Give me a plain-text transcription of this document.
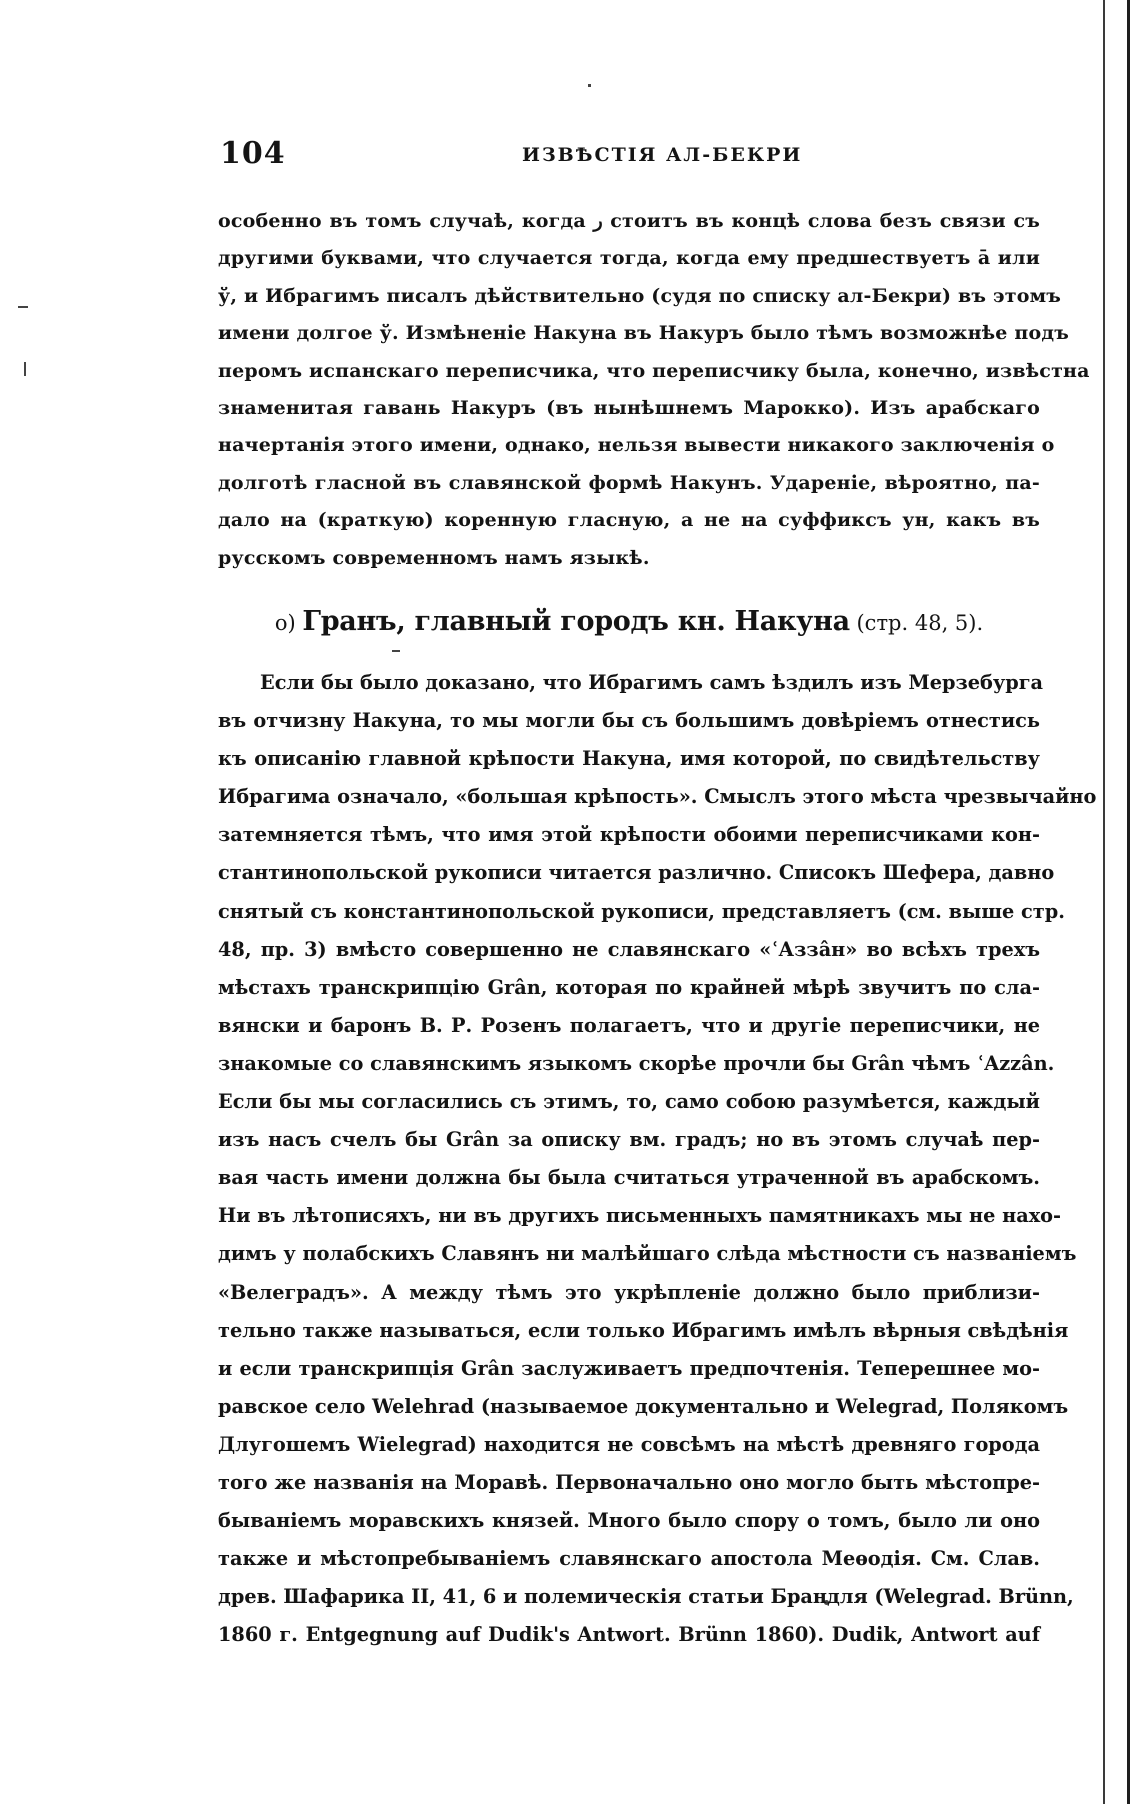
104	ИЗВѢСТІЯ АЛ-БЕКРИ
особенно въ томъ случаѣ, когда ﺭ стоитъ въ концѣ слова безъ связи съ
другими буквами, что случается тогда, когда ему предшествуетъ ā или
ў, и Ибрагимъ писалъ дѣйствительно (судя по списку ал-Бекри) въ этомъ
имени долгое ў. Измѣненіе Накуна въ Накуръ было тѣмъ возможнѣе подъ
перомъ испанскаго переписчика, что переписчику была, конечно, извѣстна
знаменитая гавань Накуръ (въ нынѣшнемъ Марокко). Изъ арабскаго
начертанія этого имени, однако, нельзя вывести никакого заключенія о
долготѣ гласной въ славянской формѣ Накунъ. Удареніе, вѣроятно, па-
дало на (краткую) коренную гласную, а не на суффиксъ ун, какъ въ
русскомъ современномъ намъ языкѣ.
о) Гранъ, главный городъ кн. Накуна (стр. 48, 5).
Если бы было доказано, что Ибрагимъ самъ ѣздилъ изъ Мерзебурга
въ отчизну Накуна, то мы могли бы съ большимъ довѣріемъ отнестись
къ описанію главной крѣпости Накуна, имя которой, по свидѣтельству
Ибрагима означало, «большая крѣпость». Смыслъ этого мѣста чрезвычайно
затемняется тѣмъ, что имя этой крѣпости обоими переписчиками кон-
стантинопольской рукописи читается различно. Списокъ Шефера, давно
снятый съ константинопольской рукописи, представляетъ (см. выше стр.
48, пр. 3) вмѣсто совершенно не славянскаго «ʿАззâн» во всѣхъ трехъ
мѣстахъ транскрипцію Grân, которая по крайней мѣрѣ звучитъ по сла-
вянски и баронъ В. Р. Розенъ полагаетъ, что и другіе переписчики, не
знакомые со славянскимъ языкомъ скорѣе прочли бы Grân чѣмъ ʿAzzân.
Если бы мы согласились съ этимъ, то, само собою разумѣется, каждый
изъ насъ счелъ бы Grân за описку вм. градъ; но въ этомъ случаѣ пер-
вая часть имени должна бы была считаться утраченной въ арабскомъ.
Ни въ лѣтописяхъ, ни въ другихъ письменныхъ памятникахъ мы не нахо-
димъ у полабскихъ Славянъ ни малѣйшаго слѣда мѣстности съ названіемъ
«Велеградъ». А между тѣмъ это укрѣпленіе должно было приблизи-
тельно также называться, если только Ибрагимъ имѣлъ вѣрныя свѣдѣнія
и если транскрипція Grân заслуживаетъ предпочтенія. Теперешнее мо-
равское село Welehrad (называемое документально и Welegrad, Полякомъ
Длугошемъ Wielegrad) находится не совсѣмъ на мѣстѣ древняго города
того же названія на Моравѣ. Первоначально оно могло быть мѣстопре-
бываніемъ моравскихъ князей. Много было спору о томъ, было ли оно
также и мѣстопребываніемъ славянскаго апостола Меѳодія. См. Слав.
древ. Шафарика II, 41, 6 и полемическія статьи Брандля (Welegrad. Brünn,
1860 г. Entgegnung auf Dudik's Antwort. Brünn 1860). Dudik, Antwort auf
